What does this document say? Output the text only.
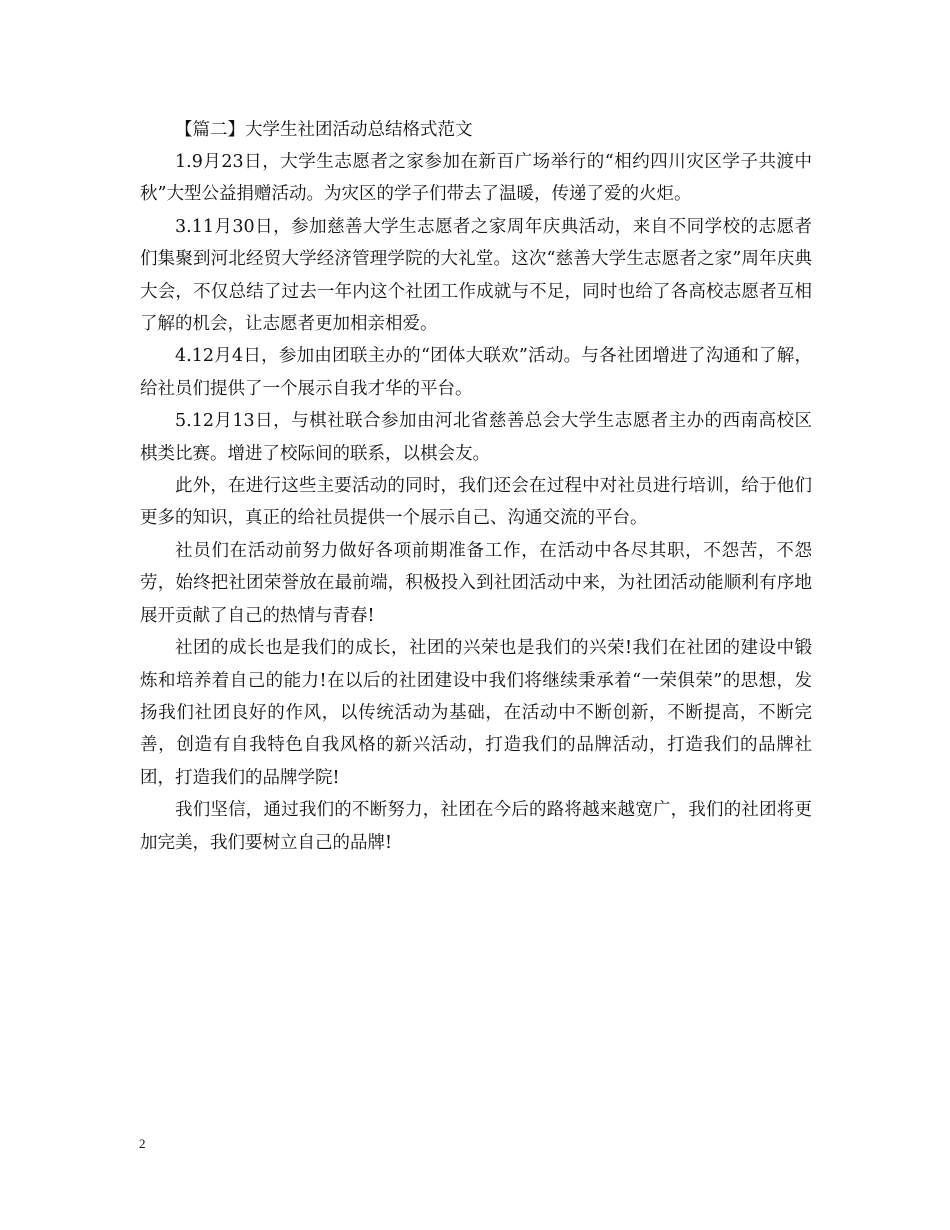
【篇二】大学生社团活动总结格式范文

1.9月23日，大学生志愿者之家参加在新百广场举行的“相约四川灾区学子共渡中秋”大型公益捐赠活动。为灾区的学子们带去了温暖，传递了爱的火炬。

3.11月30日，参加慈善大学生志愿者之家周年庆典活动，来自不同学校的志愿者们集聚到河北经贸大学经济管理学院的大礼堂。这次“慈善大学生志愿者之家”周年庆典大会，不仅总结了过去一年内这个社团工作成就与不足，同时也给了各高校志愿者互相了解的机会，让志愿者更加相亲相爱。

4.12月4日，参加由团联主办的“团体大联欢”活动。与各社团增进了沟通和了解，给社员们提供了一个展示自我才华的平台。

5.12月13日，与棋社联合参加由河北省慈善总会大学生志愿者主办的西南高校区棋类比赛。增进了校际间的联系，以棋会友。

此外，在进行这些主要活动的同时，我们还会在过程中对社员进行培训，给于他们更多的知识，真正的给社员提供一个展示自己、沟通交流的平台。

社员们在活动前努力做好各项前期准备工作，在活动中各尽其职，不怨苦，不怨劳，始终把社团荣誉放在最前端，积极投入到社团活动中来，为社团活动能顺利有序地展开贡献了自己的热情与青春!

社团的成长也是我们的成长，社团的兴荣也是我们的兴荣!我们在社团的建设中锻炼和培养着自己的能力!在以后的社团建设中我们将继续秉承着“一荣俱荣”的思想，发扬我们社团良好的作风，以传统活动为基础，在活动中不断创新，不断提高，不断完善，创造有自我特色自我风格的新兴活动，打造我们的品牌活动，打造我们的品牌社团，打造我们的品牌学院!

我们坚信，通过我们的不断努力，社团在今后的路将越来越宽广，我们的社团将更加完美，我们要树立自己的品牌!

2
